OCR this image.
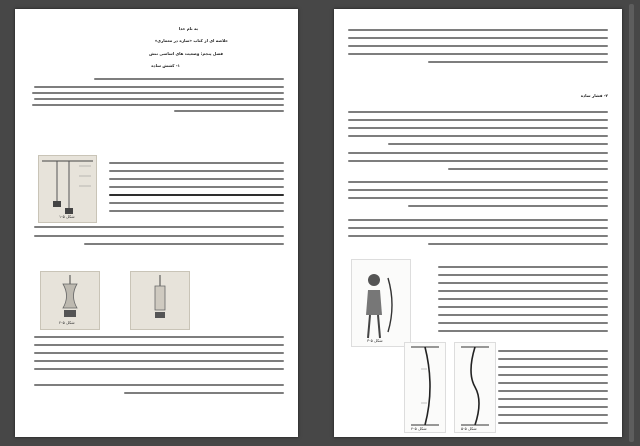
به نام خدا
خلاصه ای از کتاب «سازه در معماری»
فصل پنجم: وضعیت های اساسی تنش
۱- کشش ساده
شکل ۵-۱
شکل ۵-۲
۲- فشار ساده
شکل ۵-۳
شکل ۵-۴	شکل ۵-۵
